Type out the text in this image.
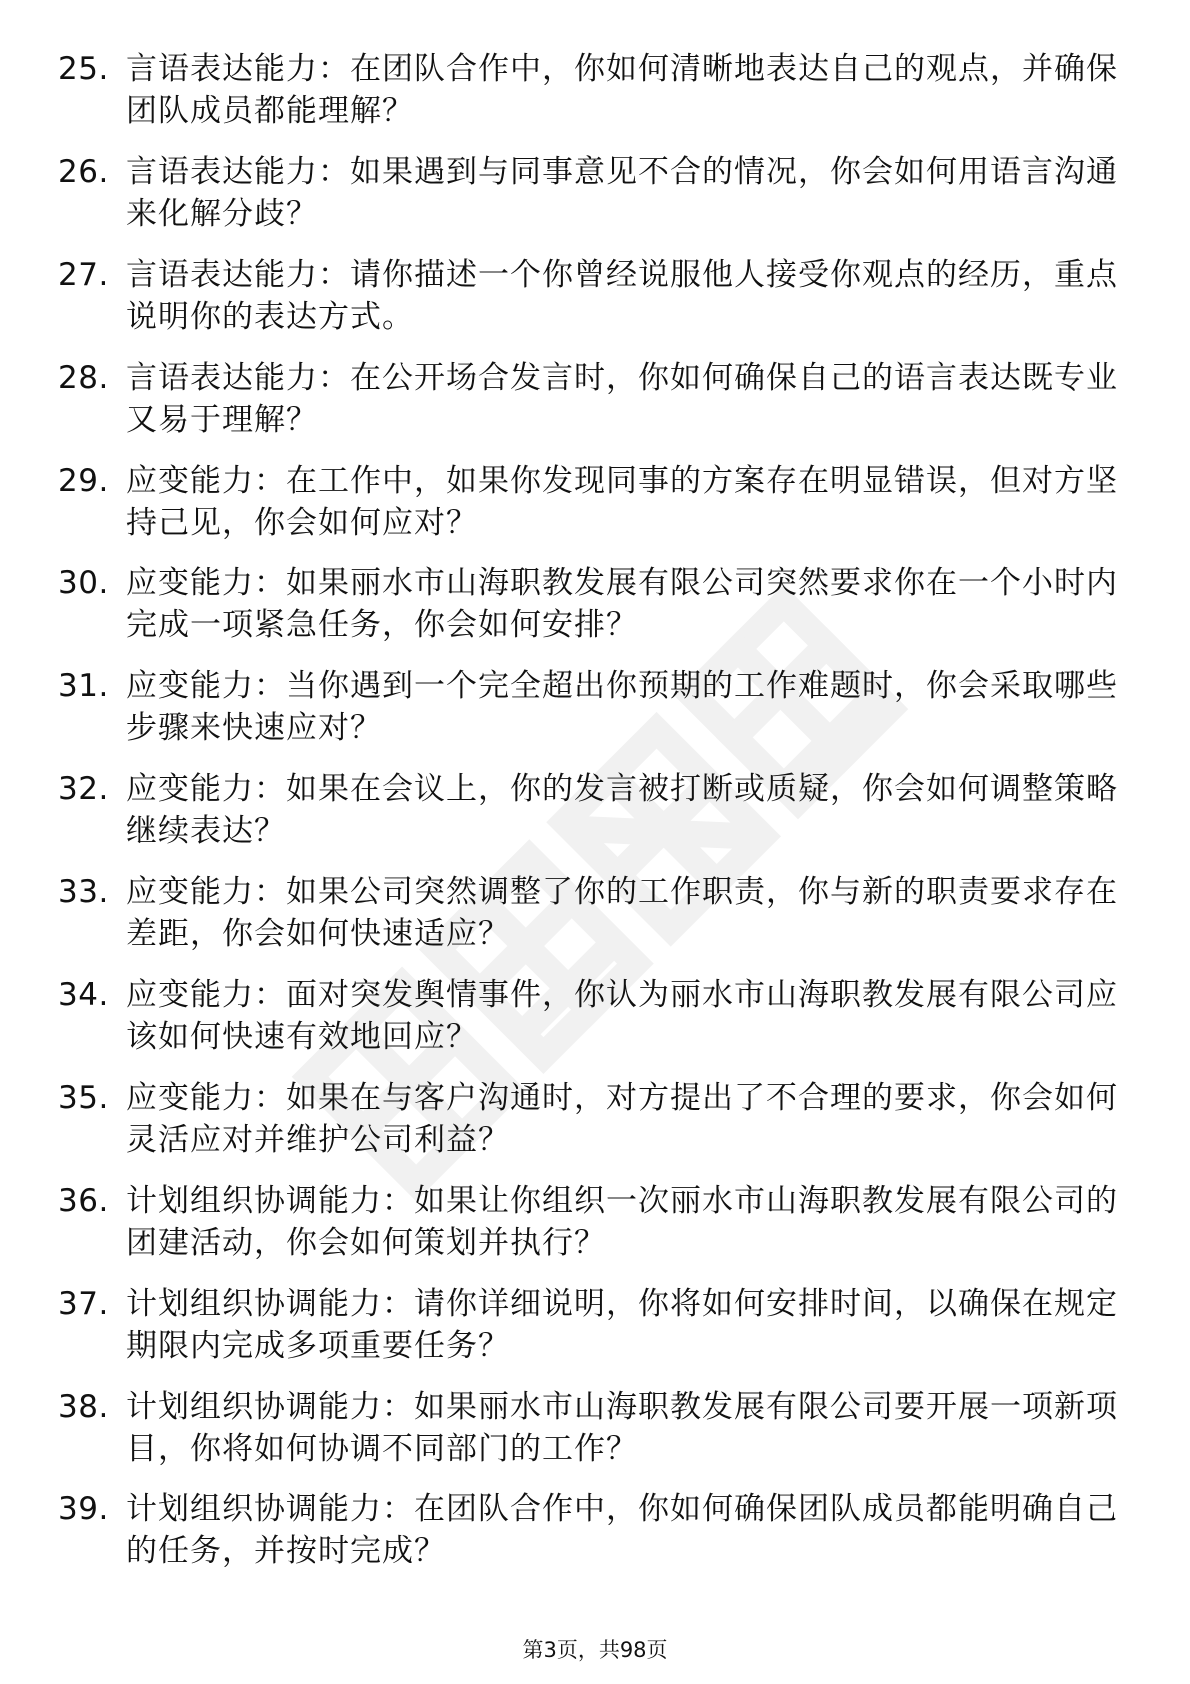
25. 言语表达能力：在团队合作中，你如何清晰地表达自己的观点，并确保团队成员都能理解？
26. 言语表达能力：如果遇到与同事意见不合的情况，你会如何用语言沟通来化解分歧？
27. 言语表达能力：请你描述一个你曾经说服他人接受你观点的经历，重点说明你的表达方式。
28. 言语表达能力：在公开场合发言时，你如何确保自己的语言表达既专业又易于理解？
29. 应变能力：在工作中，如果你发现同事的方案存在明显错误，但对方坚持己见，你会如何应对？
30. 应变能力：如果丽水市山海职教发展有限公司突然要求你在一个小时内完成一项紧急任务，你会如何安排？
31. 应变能力：当你遇到一个完全超出你预期的工作难题时，你会采取哪些步骤来快速应对？
32. 应变能力：如果在会议上，你的发言被打断或质疑，你会如何调整策略继续表达？
33. 应变能力：如果公司突然调整了你的工作职责，你与新的职责要求存在差距，你会如何快速适应？
34. 应变能力：面对突发舆情事件，你认为丽水市山海职教发展有限公司应该如何快速有效地回应？
35. 应变能力：如果在与客户沟通时，对方提出了不合理的要求，你会如何灵活应对并维护公司利益？
36. 计划组织协调能力：如果让你组织一次丽水市山海职教发展有限公司的团建活动，你会如何策划并执行？
37. 计划组织协调能力：请你详细说明，你将如何安排时间，以确保在规定期限内完成多项重要任务？
38. 计划组织协调能力：如果丽水市山海职教发展有限公司要开展一项新项目，你将如何协调不同部门的工作？
39. 计划组织协调能力：在团队合作中，你如何确保团队成员都能明确自己的任务，并按时完成？
第3页，共98页
